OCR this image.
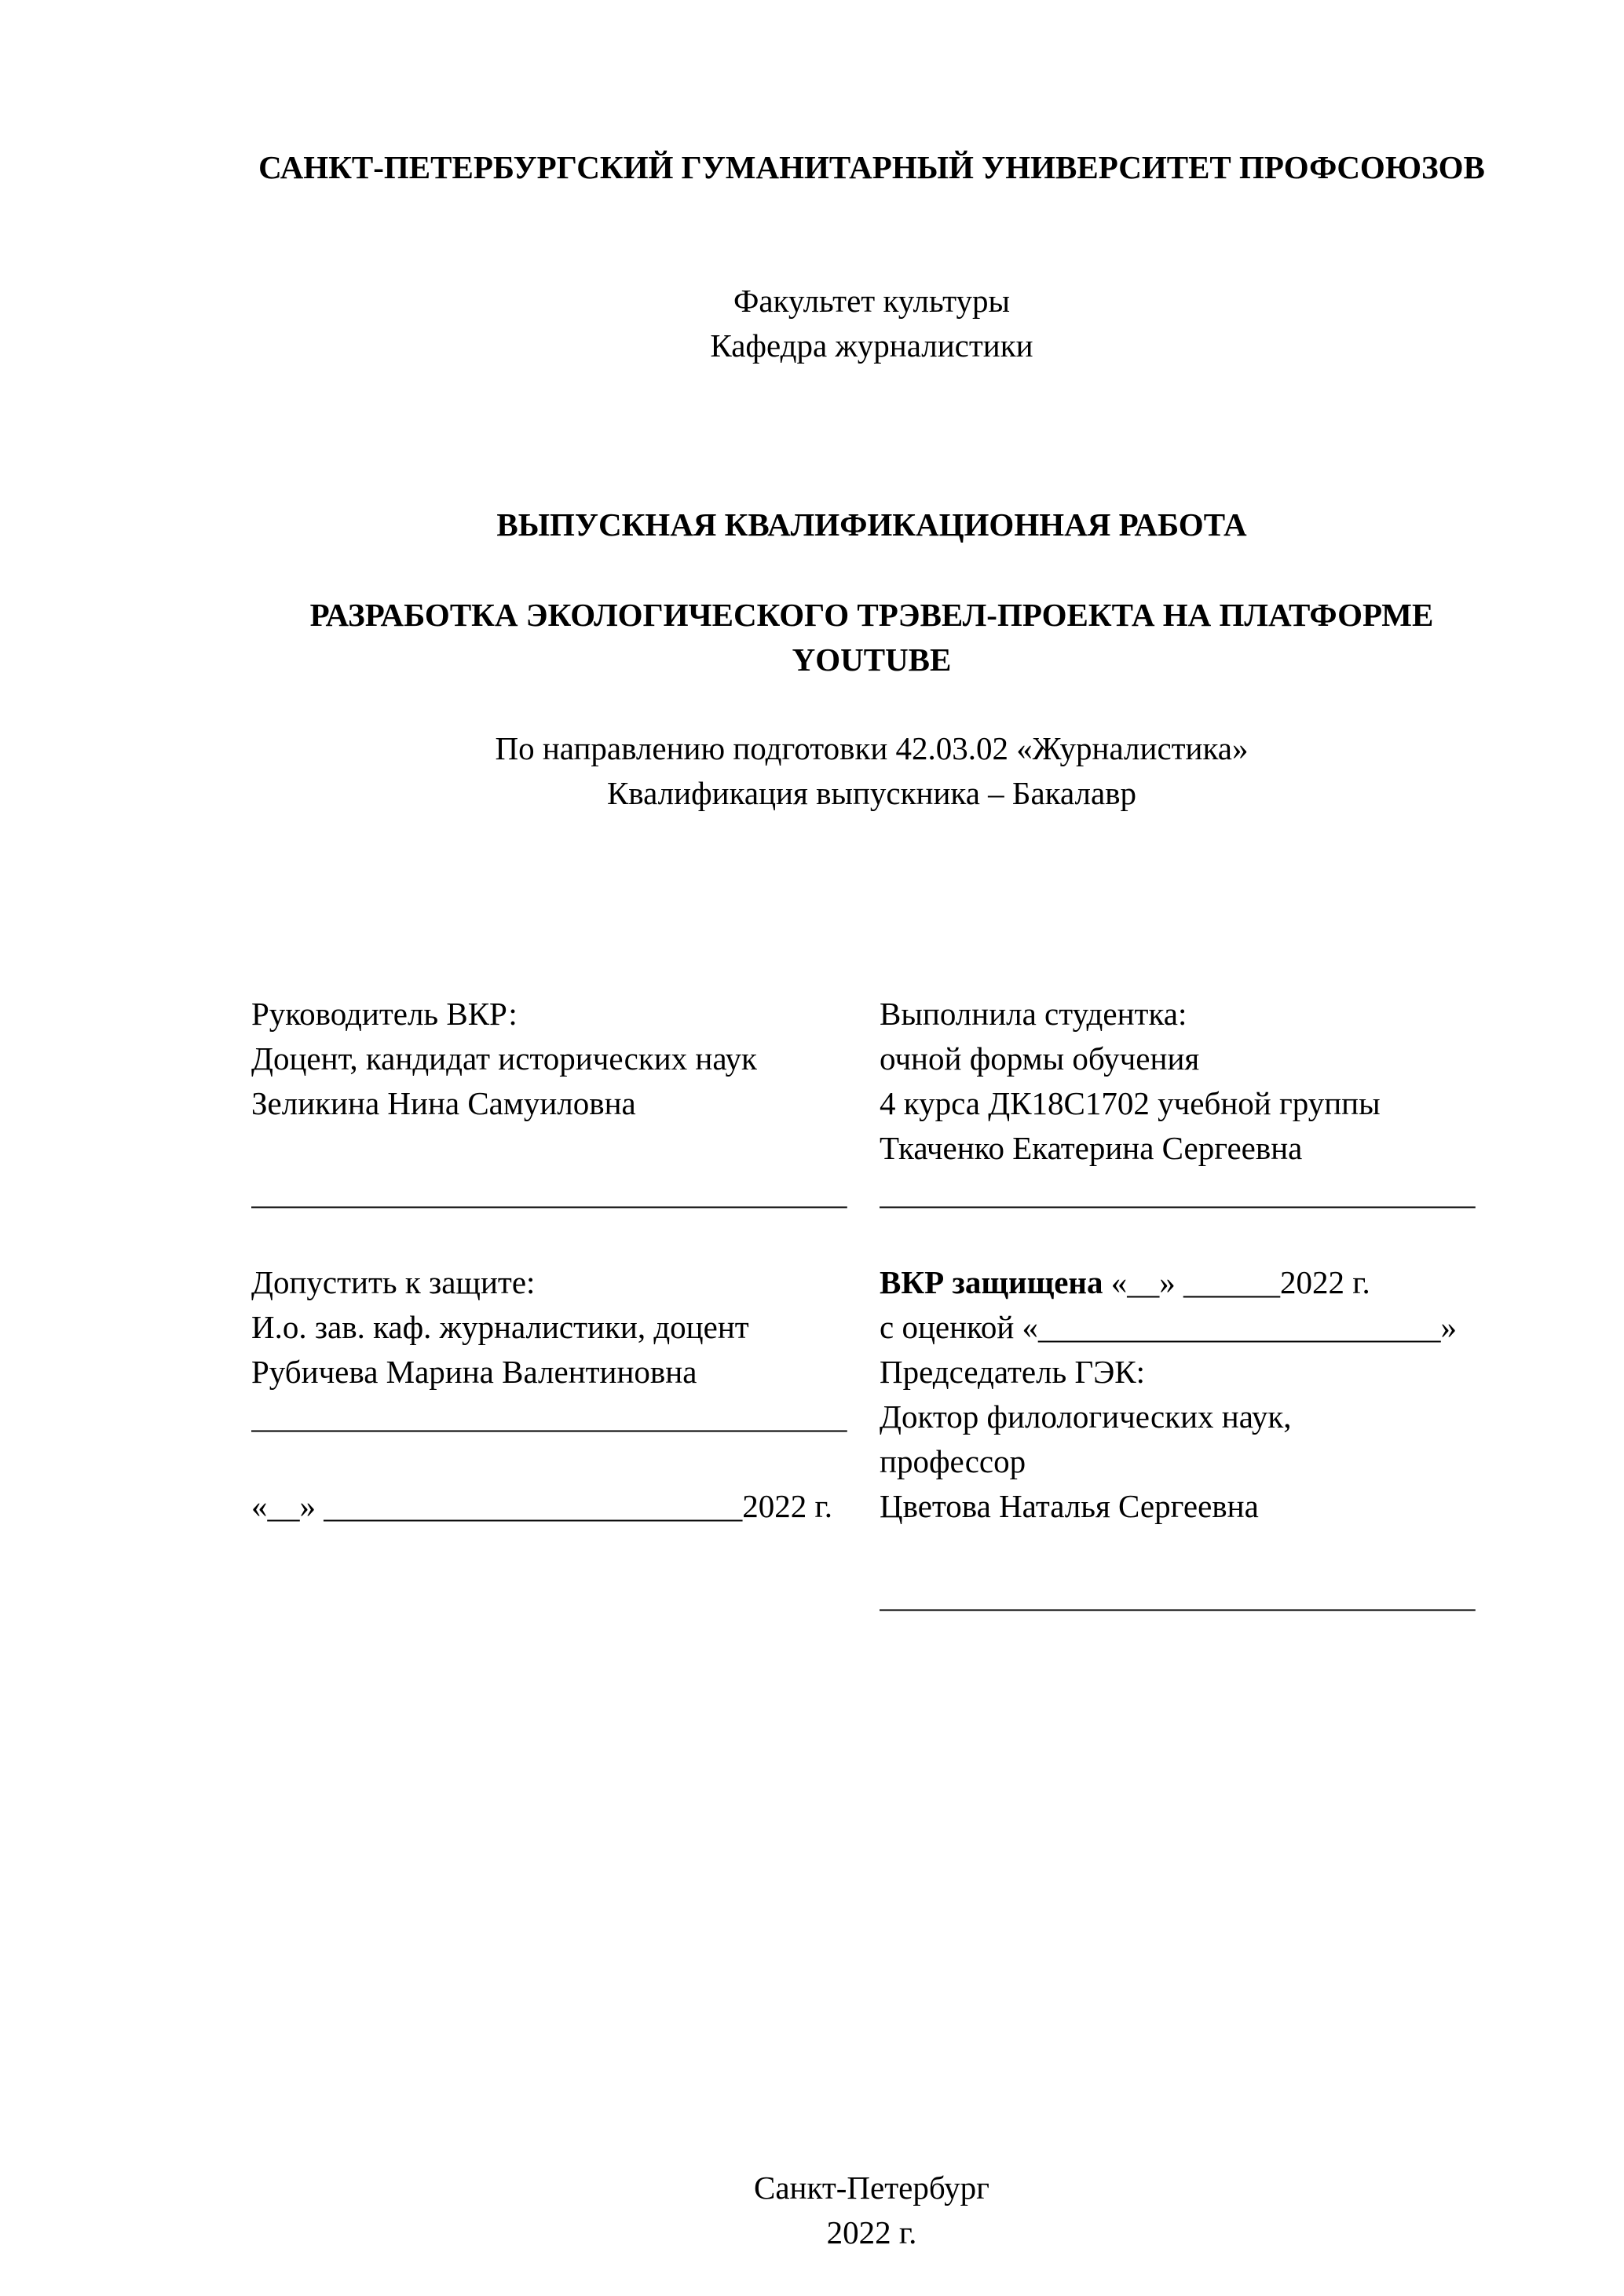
САНКТ-ПЕТЕРБУРГСКИЙ ГУМАНИТАРНЫЙ УНИВЕРСИТЕТ ПРОФСОЮЗОВ
Факультет культуры
Кафедра журналистики
ВЫПУСКНАЯ КВАЛИФИКАЦИОННАЯ РАБОТА
РАЗРАБОТКА ЭКОЛОГИЧЕСКОГО ТРЭВЕЛ-ПРОЕКТА НА ПЛАТФОРМЕ YOUTUBE
По направлению подготовки 42.03.02 «Журналистика»
Квалификация выпускника – Бакалавр
Руководитель ВКР:
Доцент, кандидат исторических наук
Зеликина Нина Самуиловна
_____________________________________
Допустить к защите:
И.о. зав. каф. журналистики, доцент
Рубичева Марина Валентиновна
_____________________________________
«__» __________________________2022 г.
Выполнила студентка:
очной формы обучения
4 курса ДК18С1702 учебной группы
Ткаченко Екатерина Сергеевна
_____________________________________
ВКР защищена «__» ______2022 г.
с оценкой «_________________________»
Председатель ГЭК:
Доктор филологических наук,
профессор
Цветова Наталья Сергеевна
_____________________________________
Санкт-Петербург
2022 г.
